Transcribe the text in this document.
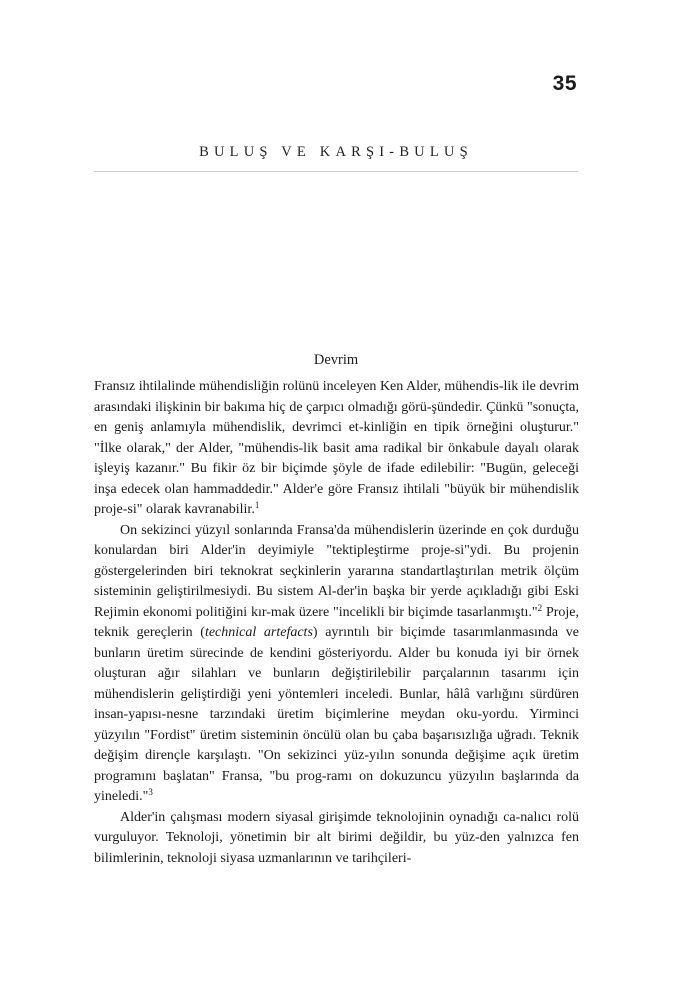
35
BULUŞ VE KARŞI-BULUŞ
Devrim

Fransız ihtilalinde mühendisliğin rolünü inceleyen Ken Alder, mühendis-lik ile devrim arasındaki ilişkinin bir bakıma hiç de çarpıcı olmadığı görü-şündedir. Çünkü "sonuçta, en geniş anlamıyla mühendislik, devrimci et-kinliğin en tipik örneğini oluşturur." "İlke olarak," der Alder, "mühendis-lik basit ama radikal bir önkabule dayalı olarak işleyiş kazanır." Bu fikir öz bir biçimde şöyle de ifade edilebilir: "Bugün, geleceği inşa edecek olan hammaddedir." Alder'e göre Fransız ihtilali "büyük bir mühendislik proje-si" olarak kavranabilir.$^1$

On sekizinci yüzyıl sonlarında Fransa'da mühendislerin üzerinde en çok durduğu konulardan biri Alder'in deyimiyle "tektipleştirme proje-si"ydi. Bu projenin göstergelerinden biri teknokrat seçkinlerin yararına standartlaştırılan metrik ölçüm sisteminin geliştirilmesiydi. Bu sistem Al-der'in başka bir yerde açıkladığı gibi Eski Rejimin ekonomi politiğini kır-mak üzere "incelikli bir biçimde tasarlanmıştı."$^2$ Proje, teknik gereçlerin (technical artefacts) ayrıntılı bir biçimde tasarımlanmasında ve bunların üretim sürecinde de kendini gösteriyordu. Alder bu konuda iyi bir örnek oluşturan ağır silahları ve bunların değiştirilebilir parçalarının tasarımı için mühendislerin geliştirdiği yeni yöntemleri inceledi. Bunlar, hâlâ varlığını sürdüren insan-yapısı-nesne tarzındaki üretim biçimlerine meydan oku-yordu. Yirminci yüzyılın "Fordist" üretim sisteminin öncülü olan bu çaba başarısızlığa uğradı. Teknik değişim dirençle karşılaştı. "On sekizinci yüz-yılın sonunda değişime açık üretim programını başlatan" Fransa, "bu prog-ramı on dokuzuncu yüzyılın başlarında da yineledi."$^3$

Alder'in çalışması modern siyasal girişimde teknolojinin oynadığı ca-nalıcı rolü vurguluyor. Teknoloji, yönetimin bir alt birimi değildir, bu yüz-den yalnızca fen bilimlerinin, teknoloji siyasa uzmanlarının ve tarihçileri-
